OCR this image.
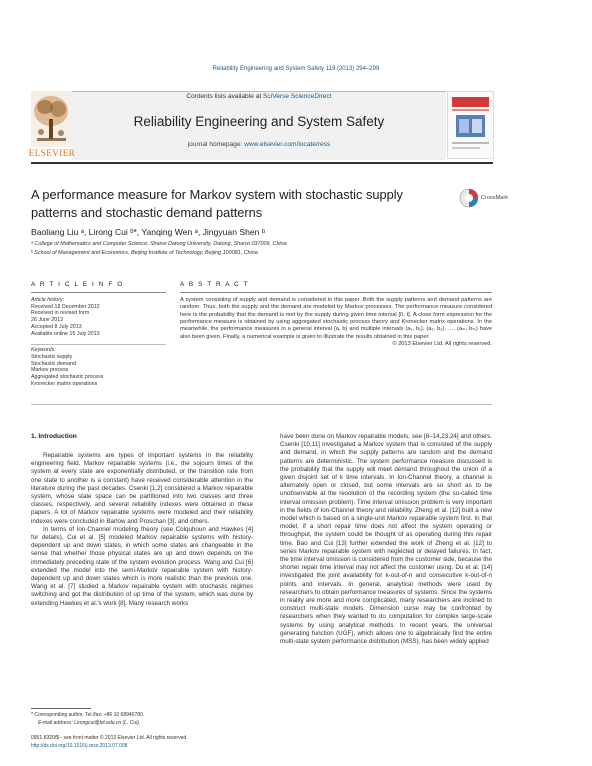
Reliability Engineering and System Safety 119 (2013) 294–299
ELSEVIER
Contents lists available at SciVerse ScienceDirect
Reliability Engineering and System Safety
journal homepage: www.elsevier.com/locate/ress
A performance measure for Markov system with stochastic supply
patterns and stochastic demand patterns
CrossMark
Baoliang Liu ᵃ, Lirong Cui ᵇ*, Yanqing Wen ᵃ, Jingyuan Shen ᵇ
ᵃ College of Mathematics and Computer Science, Shanxi Datong University, Datong, Shanxi 037009, China
ᵇ School of Management and Economics, Beijing Institute of Technology, Beijing 100081, China
A R T I C L E I N F O	A B S T R A C T
Article history:
Received 18 December 2012
Received in revised form
26 June 2013
Accepted 8 July 2013
Available online 15 July 2013
Keywords:
Stochastic supply
Stochastic demand
Markov process
Aggregated stochastic process
Kronecker matrix operations
A system consisting of supply and demand is considered in this paper. Both the supply patterns and demand patterns are random. Thus, both the supply and the demand are modeled by Markov processes. The performance measure considered here is the probability that the demand is met by the supply during given time interval [0, t]. A close form expression for the performance measure is obtained by using aggregated stochastic process theory and Kronecker matrix operations. In the meanwhile, the performance measures in a general interval (a, b) and multiple intervals (a₁, b₁), (a₂, b₂), …, (aₘ, bₘ) have also been given. Finally, a numerical example is given to illustrate the results obtained in this paper.
© 2013 Elsevier Ltd. All rights reserved.
1. Introduction

Repairable systems are types of important systems in the reliability engineering field. Markov repairable systems (i.e., the sojourn times of the system at every state are exponentially distributed, or the transition rate from one state to another is a constant) have received considerable attention in the literature during the past decades. Csenki [1,2] considered a Markov repairable system, whose state space can be partitioned into two classes and three classes, respectively, and several reliability indexes were obtained in these papers. A lot of Markov repairable systems were modeled and their reliability indexes were concluded in Barlow and Proschan [3], and others.

In terms of Ion-Channel modeling theory (see Colquhoun and Hawkes [4] for details), Cui et al. [5] modeled Markov repairable systems with history-dependent up and down states, in which some states are changeable in the sense that whether those physical states are up and down depends on the immediately preceding state of the system evolution process. Wang and Cui [6] extended the model into the semi-Markov repairable system with history-dependent up and down states which is more realistic than the previous one. Wang et al. [7] studied a Markov repairable system with stochastic regimes switching and got the distribution of up time of the system, which was done by extending Hawkes et al.'s work [8]. Many research works

have been done on Markov repairable models, see [8–14,23,24] and others. Csenki [10,11] investigated a Markov system that is consisted of the supply and demand, in which the supply patterns are random and the demand patterns are deterministic. The system performance measure discussed is the probability that the supply will meet demand throughout the union of a given disjoint set of k time intervals. In Ion-Channel theory, a channel is alternately open or closed, but some intervals are so short as to be unobservable at the resolution of the recording system (the so-called time interval omission problem). Time interval omission problem is very important in the fields of Ion-Channel theory and reliability. Zheng et al. [12] built a new model which is based on a single-unit Markov repairable system first. In that model, if a short repair time does not affect the system operating or throughput, the system could be thought of as operating during this repair time. Bao and Cui [13] further extended the work of Zheng et al. [12] to series Markov repairable system with neglected or delayed failures. In fact, the time interval omission is considered from the customer side, because the shorter repair time interval may not affect the customer using. Du et al. [14] investigated the joint availability for k-out-of-n and consecutive k-out-of-n points and intervals. In general, analytical methods were used by researchers to obtain performance measures of systems. Since the systems in reality are more and more complicated, many researchers are inclined to construct multi-state models. Dimension curse may be confronted by researchers when they wanted to do computation for complex large-scale systems by using analytical methods. In recent years, the universal generating function (UGF), which allows one to algebraically find the entire multi-state system performance distribution (MSS), has been widely applied

* Corresponding author. Tel./fax: +86 10 68940780.
E-mail address: Lirongcui@bit.edu.cn (L. Cui).
0951-8320/$ - see front matter © 2013 Elsevier Ltd. All rights reserved.
http://dx.doi.org/10.1016/j.ress.2013.07.008
